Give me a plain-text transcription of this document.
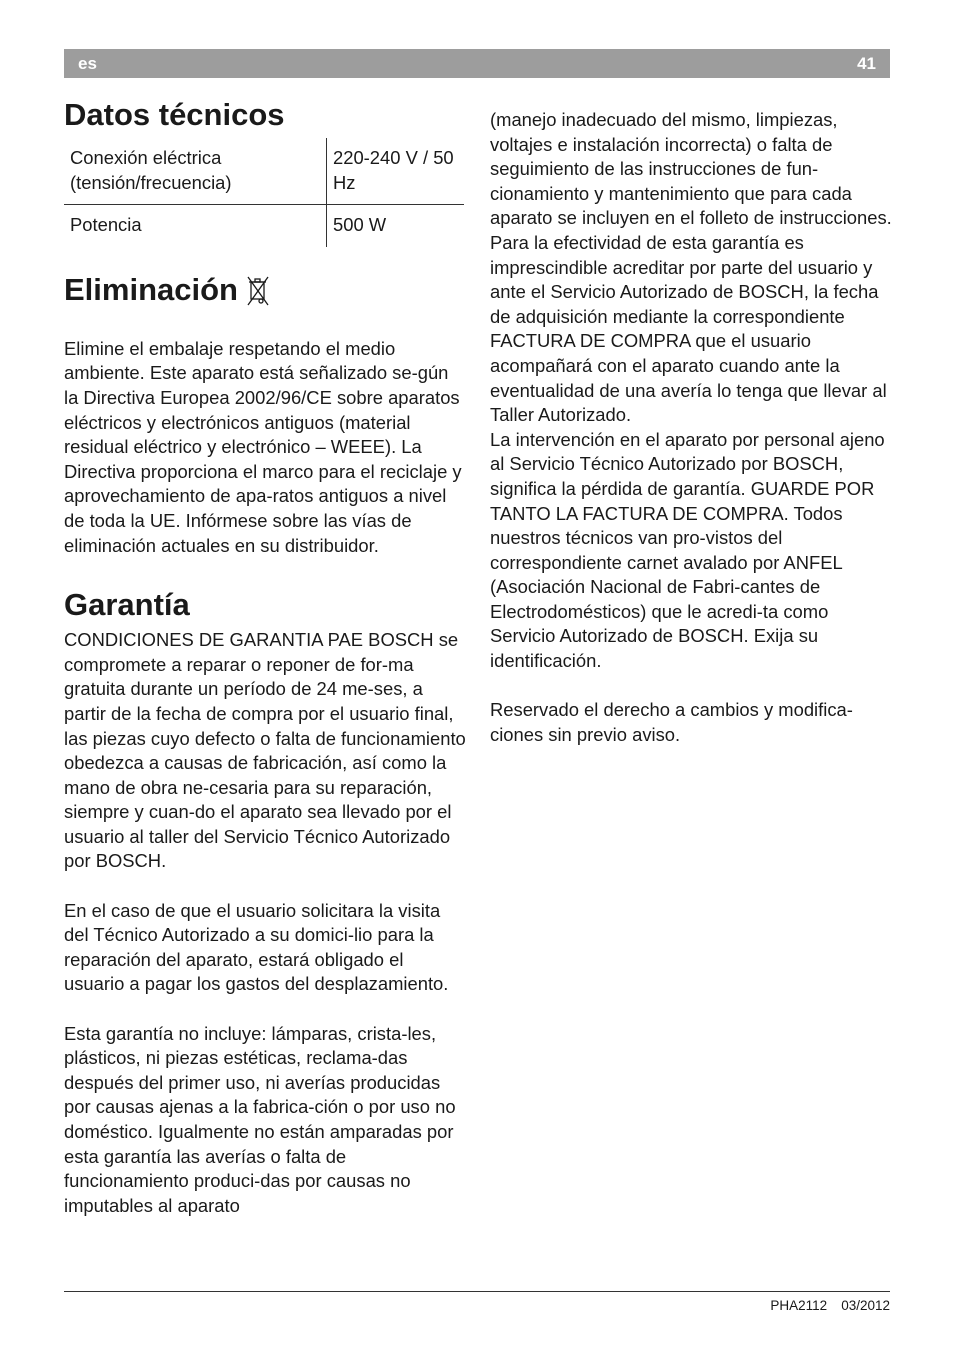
es	41
Datos técnicos
Conexión eléctrica (tensión/frecuencia)	220-240 V / 50 Hz
Potencia	500 W
Eliminación

Elimine el embalaje respetando el medio ambiente. Este aparato está señalizado se-gún la Directiva Europea 2002/96/CE sobre aparatos eléctricos y electrónicos antiguos (material residual eléctrico y electrónico – WEEE). La Directiva proporciona el marco para el reciclaje y aprovechamiento de apa-ratos antiguos a nivel de toda la UE. Infórmese sobre las vías de eliminación actuales en su distribuidor.

Garantía

CONDICIONES DE GARANTIA PAE BOSCH se compromete a reparar o reponer de for-ma gratuita durante un período de 24 me-ses, a partir de la fecha de compra por el usuario final, las piezas cuyo defecto o falta de funcionamiento obedezca a causas de fabricación, así como la mano de obra ne-cesaria para su reparación, siempre y cuan-do el aparato sea llevado por el usuario al taller del Servicio Técnico Autorizado por BOSCH.

En el caso de que el usuario solicitara la visita del Técnico Autorizado a su domici-lio para la reparación del aparato, estará obligado el usuario a pagar los gastos del desplazamiento.

Esta garantía no incluye: lámparas, crista-les, plásticos, ni piezas estéticas, reclama-das después del primer uso, ni averías producidas por causas ajenas a la fabrica-ción o por uso no doméstico. Igualmente no están amparadas por esta garantía las averías o falta de funcionamiento produci-das por causas no imputables al aparato

(manejo inadecuado del mismo, limpiezas, voltajes e instalación incorrecta) o falta de seguimiento de las instrucciones de fun-cionamiento y mantenimiento que para cada aparato se incluyen en el folleto de instrucciones.

Para la efectividad de esta garantía es imprescindible acreditar por parte del usuario y ante el Servicio Autorizado de BOSCH, la fecha de adquisición mediante la correspondiente FACTURA DE COMPRA que el usuario acompañará con el aparato cuando ante la eventualidad de una avería lo tenga que llevar al Taller Autorizado.

La intervención en el aparato por personal ajeno al Servicio Técnico Autorizado por BOSCH, significa la pérdida de garantía. GUARDE POR TANTO LA FACTURA DE COMPRA. Todos nuestros técnicos van pro-vistos del correspondiente carnet avalado por ANFEL (Asociación Nacional de Fabri-cantes de Electrodomésticos) que le acredi-ta como Servicio Autorizado de BOSCH. Exija su identificación.

Reservado el derecho a cambios y modifica-ciones sin previo aviso.

PHA2112 03/2012
